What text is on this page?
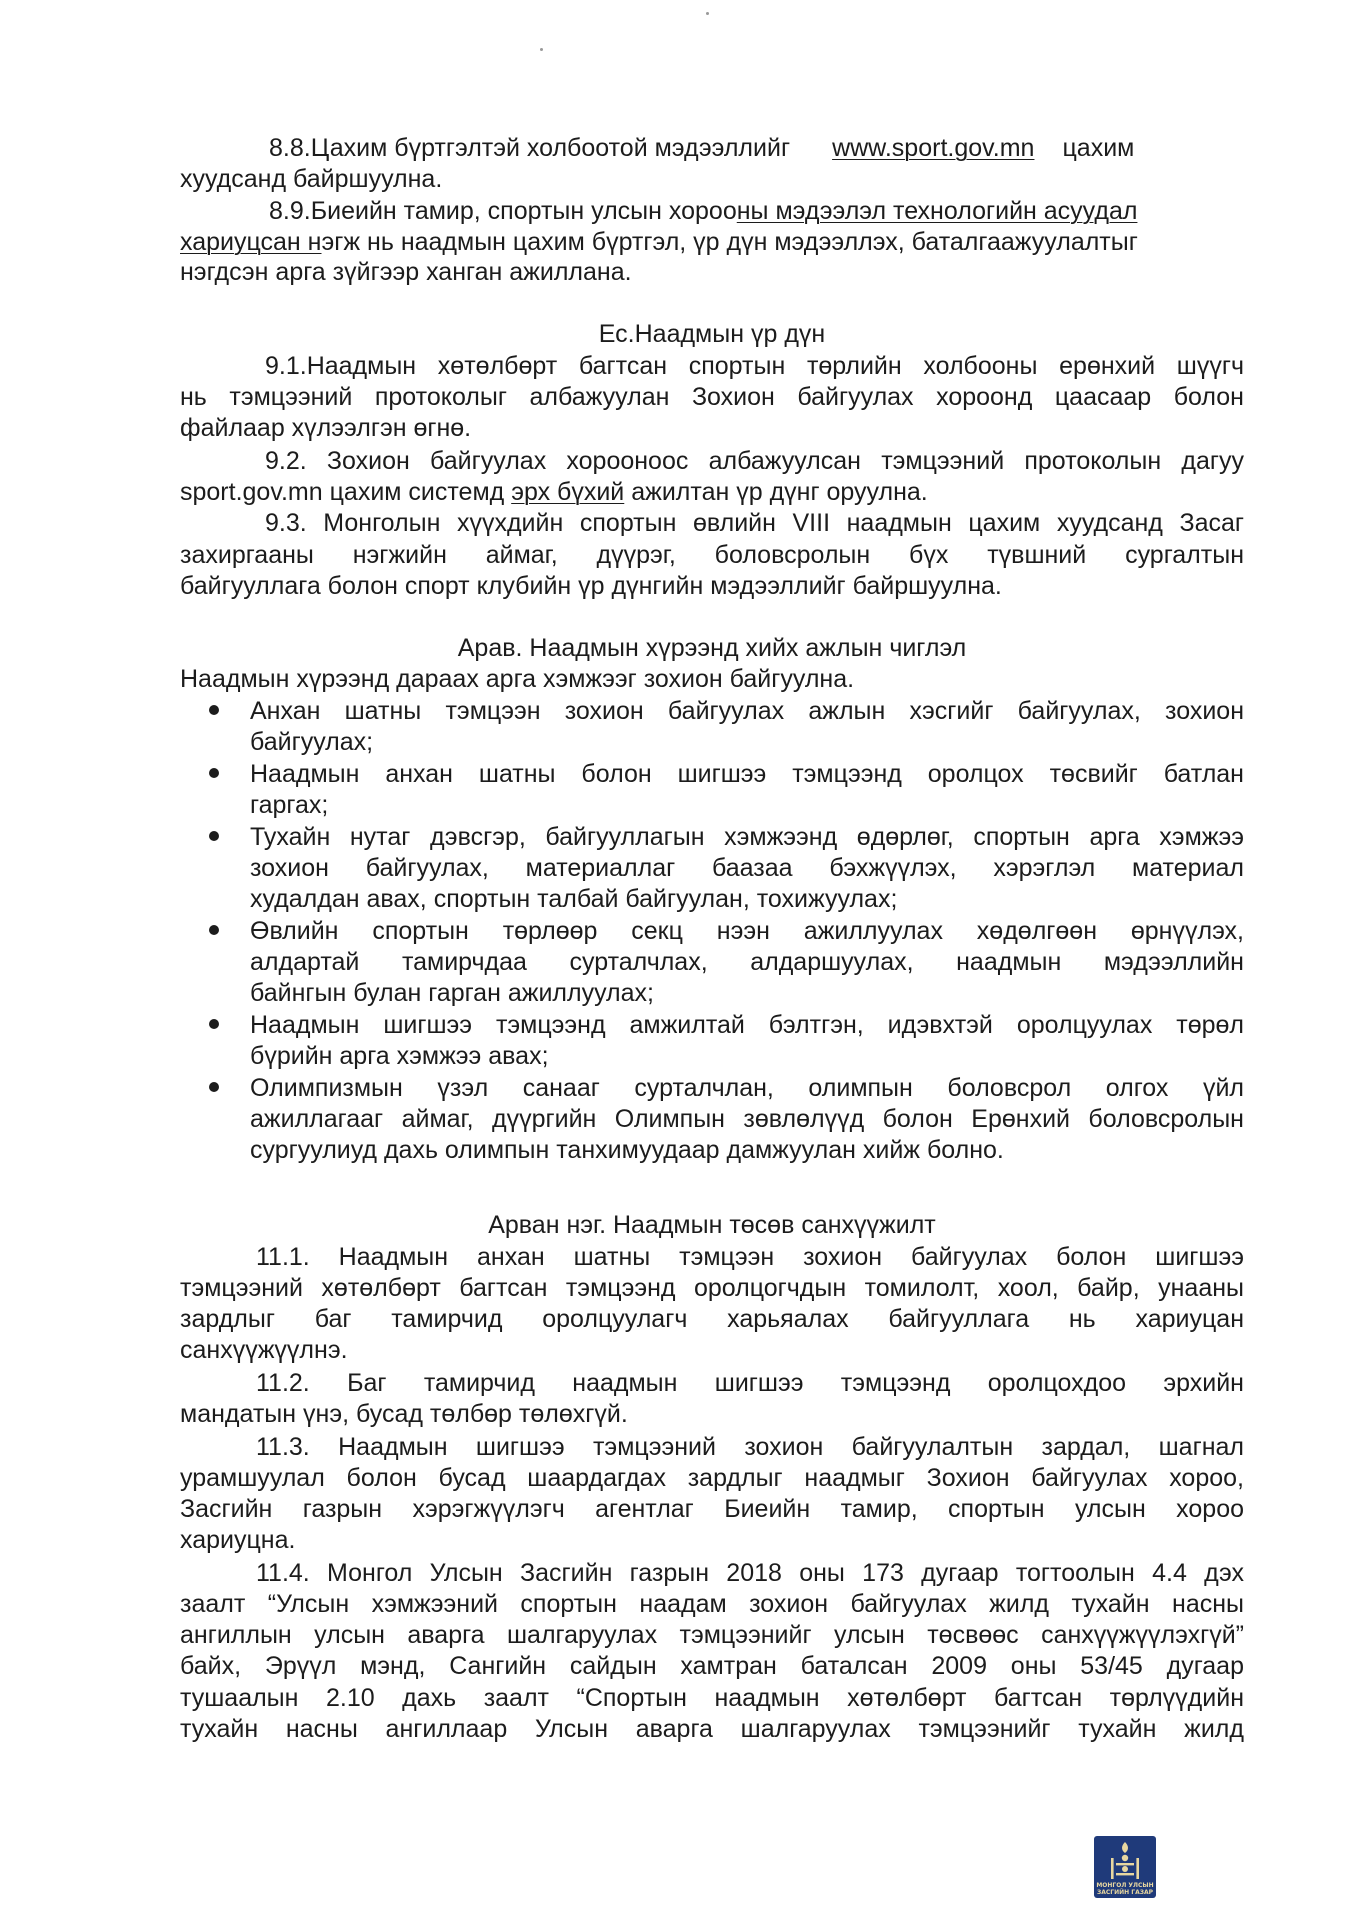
8.8.Цахим бүртгэлтэй холбоотой мэдээллийг www.sport.gov.mn цахим
хуудсанд байршуулна.
8.9.Биеийн тамир, спортын улсын хорооны мэдээлэл технологийн асуудал
хариуцсан нэгж нь наадмын цахим бүртгэл, үр дүн мэдээллэх, баталгаажуулалтыг
нэгдсэн арга зүйгээр ханган ажиллана.
Ес.Наадмын үр дүн
9.1.Наадмын хөтөлбөрт багтсан спортын төрлийн холбооны ерөнхий шүүгч
нь тэмцээний протоколыг албажуулан Зохион байгуулах хороонд цаасаар болон
файлаар хүлээлгэн өгнө.
9.2. Зохион байгуулах хорооноос албажуулсан тэмцээний протоколын дагуу
sport.gov.mn цахим системд эрх бүхий ажилтан үр дүнг оруулна.
9.3. Монголын хүүхдийн спортын өвлийн VIII наадмын цахим хуудсанд Засаг
захиргааны нэгжийн аймаг, дүүрэг, боловсролын бүх түвшний сургалтын
байгууллага болон спорт клубийн үр дүнгийн мэдээллийг байршуулна.
Арав. Наадмын хүрээнд хийх ажлын чиглэл
Наадмын хүрээнд дараах арга хэмжээг зохион байгуулна.
Анхан шатны тэмцээн зохион байгуулах ажлын хэсгийг байгуулах, зохион
байгуулах;
Наадмын анхан шатны болон шигшээ тэмцээнд оролцох төсвийг батлан
гаргах;
Тухайн нутаг дэвсгэр, байгууллагын хэмжээнд өдөрлөг, спортын арга хэмжээ
зохион байгуулах, материаллаг баазаа бэхжүүлэх, хэрэглэл материал
худалдан авах, спортын талбай байгуулан, тохижуулах;
Өвлийн спортын төрлөөр секц нээн ажиллуулах хөдөлгөөн өрнүүлэх,
алдартай тамирчдаа сурталчлах, алдаршуулах, наадмын мэдээллийн
байнгын булан гарган ажиллуулах;
Наадмын шигшээ тэмцээнд амжилтай бэлтгэн, идэвхтэй оролцуулах төрөл
бүрийн арга хэмжээ авах;
Олимпизмын үзэл санааг сурталчлан, олимпын боловсрол олгох үйл
ажиллагааг аймаг, дүүргийн Олимпын зөвлөлүүд болон Ерөнхий боловсролын
сургуулиуд дахь олимпын танхимуудаар дамжуулан хийж болно.
Арван нэг. Наадмын төсөв санхүүжилт
11.1. Наадмын анхан шатны тэмцээн зохион байгуулах болон шигшээ
тэмцээний хөтөлбөрт багтсан тэмцээнд оролцогчдын томилолт, хоол, байр, унааны
зардлыг баг тамирчид оролцуулагч харьяалах байгууллага нь хариуцан
санхүүжүүлнэ.
11.2. Баг тамирчид наадмын шигшээ тэмцээнд оролцохдоо эрхийн
мандатын үнэ, бусад төлбөр төлөхгүй.
11.3. Наадмын шигшээ тэмцээний зохион байгуулалтын зардал, шагнал
урамшуулал болон бусад шаардагдах зардлыг наадмыг Зохион байгуулах хороо,
Засгийн газрын хэрэгжүүлэгч агентлаг Биеийн тамир, спортын улсын хороо
хариуцна.
11.4. Монгол Улсын Засгийн газрын 2018 оны 173 дугаар тогтоолын 4.4 дэх
заалт “Улсын хэмжээний спортын наадам зохион байгуулах жилд тухайн насны
ангиллын улсын аварга шалгаруулах тэмцээнийг улсын төсвөөс санхүүжүүлэхгүй”
байх, Эрүүл мэнд, Сангийн сайдын хамтран баталсан 2009 оны 53/45 дугаар
тушаалын 2.10 дахь заалт “Спортын наадмын хөтөлбөрт багтсан төрлүүдийн
тухайн насны ангиллаар Улсын аварга шалгаруулах тэмцээнийг тухайн жилд
МОНГОЛ УЛСЫН
ЗАСГИЙН ГАЗАР
